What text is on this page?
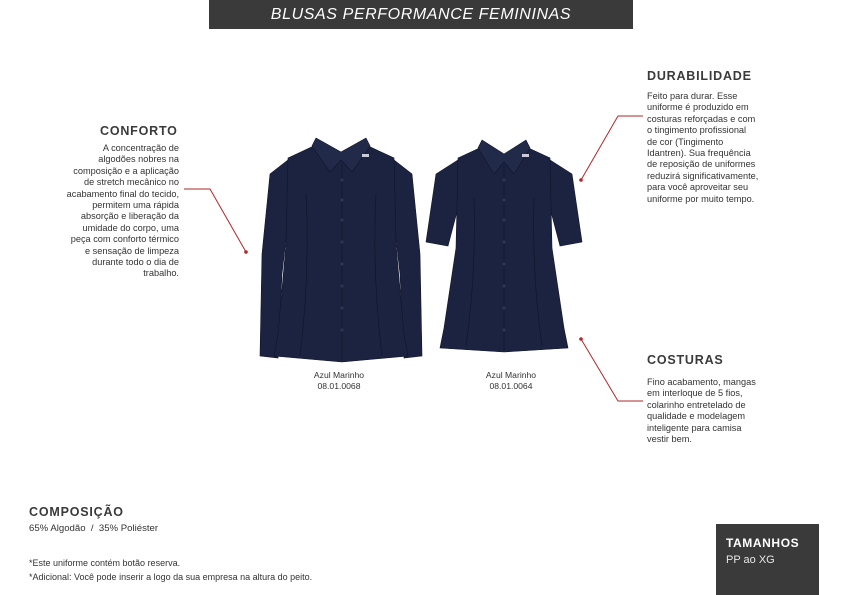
BLUSAS PERFORMANCE FEMININAS
CONFORTO
A concentração de
algodões nobres na
composição e a aplicação
de stretch mecânico no
acabamento final do tecido,
permitem uma rápida
absorção e liberação da
umidade do corpo, uma
peça com conforto térmico
e sensação de limpeza
durante todo o dia de
trabalho.
DURABILIDADE
Feito para durar. Esse
uniforme é produzido em
costuras reforçadas e com
o tingimento profissional
de cor (Tingimento
Idantren). Sua frequência
de reposição de uniformes
reduzirá significativamente,
para você aproveitar seu
uniforme por muito tempo.
COSTURAS
Fino acabamento, mangas
em interloque de 5 fios,
colarinho entretelado de
qualidade e modelagem
inteligente para camisa
vestir bem.
Azul Marinho
08.01.0068
Azul Marinho
08.01.0064
COMPOSIÇÃO
65% Algodão  /  35% Poliéster
*Este uniforme contém botão reserva.
*Adicional: Você pode inserir a logo da sua empresa na altura do peito.
TAMANHOS
PP ao XG
